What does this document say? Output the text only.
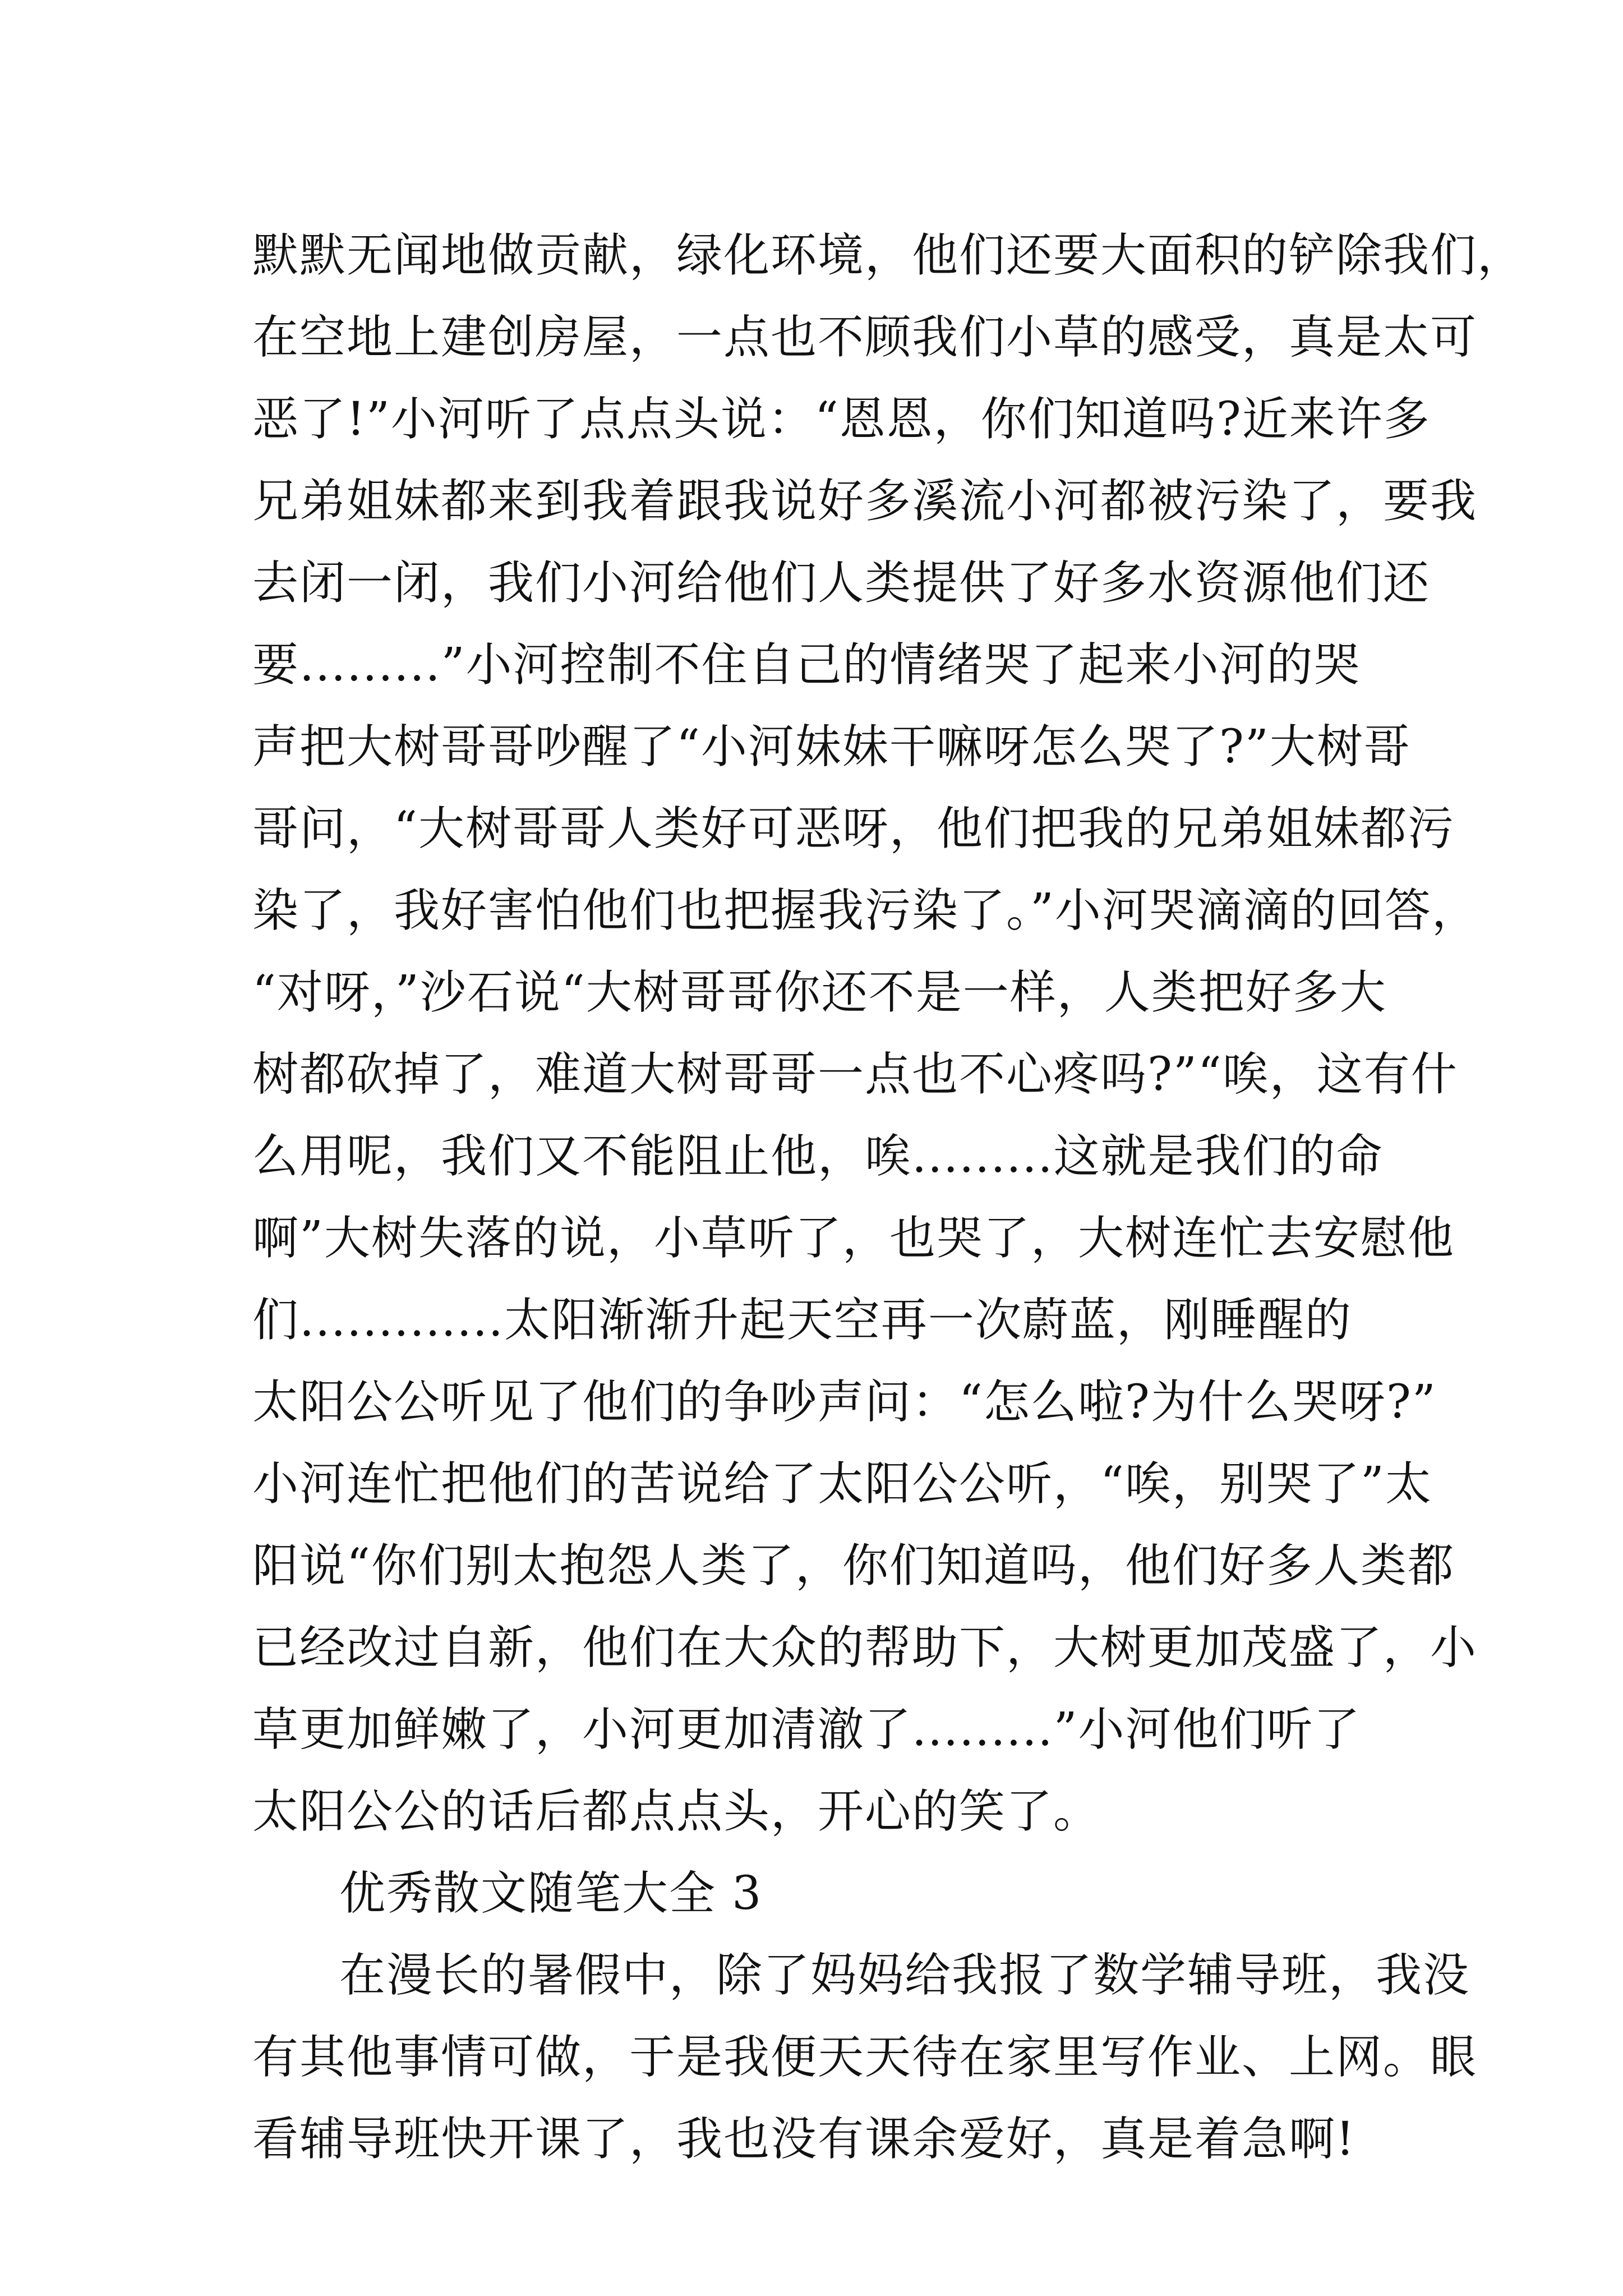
默默无闻地做贡献，绿化环境，他们还要大面积的铲除我们，
在空地上建创房屋，一点也不顾我们小草的感受，真是太可
恶了!”小河听了点点头说：“恩恩，你们知道吗?近来许多
兄弟姐妹都来到我着跟我说好多溪流小河都被污染了，要我
去闭一闭，我们小河给他们人类提供了好多水资源他们还
要.........”小河控制不住自己的情绪哭了起来小河的哭
声把大树哥哥吵醒了“小河妹妹干嘛呀怎么哭了?”大树哥
哥问，“大树哥哥人类好可恶呀，他们把我的兄弟姐妹都污
染了，我好害怕他们也把握我污染了。”小河哭滴滴的回答，
“对呀，”沙石说“大树哥哥你还不是一样，人类把好多大
树都砍掉了，难道大树哥哥一点也不心疼吗?”“唉，这有什
么用呢，我们又不能阻止他，唉.........这就是我们的命
啊”大树失落的说，小草听了，也哭了，大树连忙去安慰他
们.............太阳渐渐升起天空再一次蔚蓝，刚睡醒的
太阳公公听见了他们的争吵声问：“怎么啦?为什么哭呀?”
小河连忙把他们的苦说给了太阳公公听，“唉，别哭了”太
阳说“你们别太抱怨人类了，你们知道吗，他们好多人类都
已经改过自新，他们在大众的帮助下，大树更加茂盛了，小
草更加鲜嫩了，小河更加清澈了.........”小河他们听了
太阳公公的话后都点点头，开心的笑了。
优秀散文随笔大全 3
在漫长的暑假中，除了妈妈给我报了数学辅导班，我没
有其他事情可做，于是我便天天待在家里写作业、上网。眼
看辅导班快开课了，我也没有课余爱好，真是着急啊!
